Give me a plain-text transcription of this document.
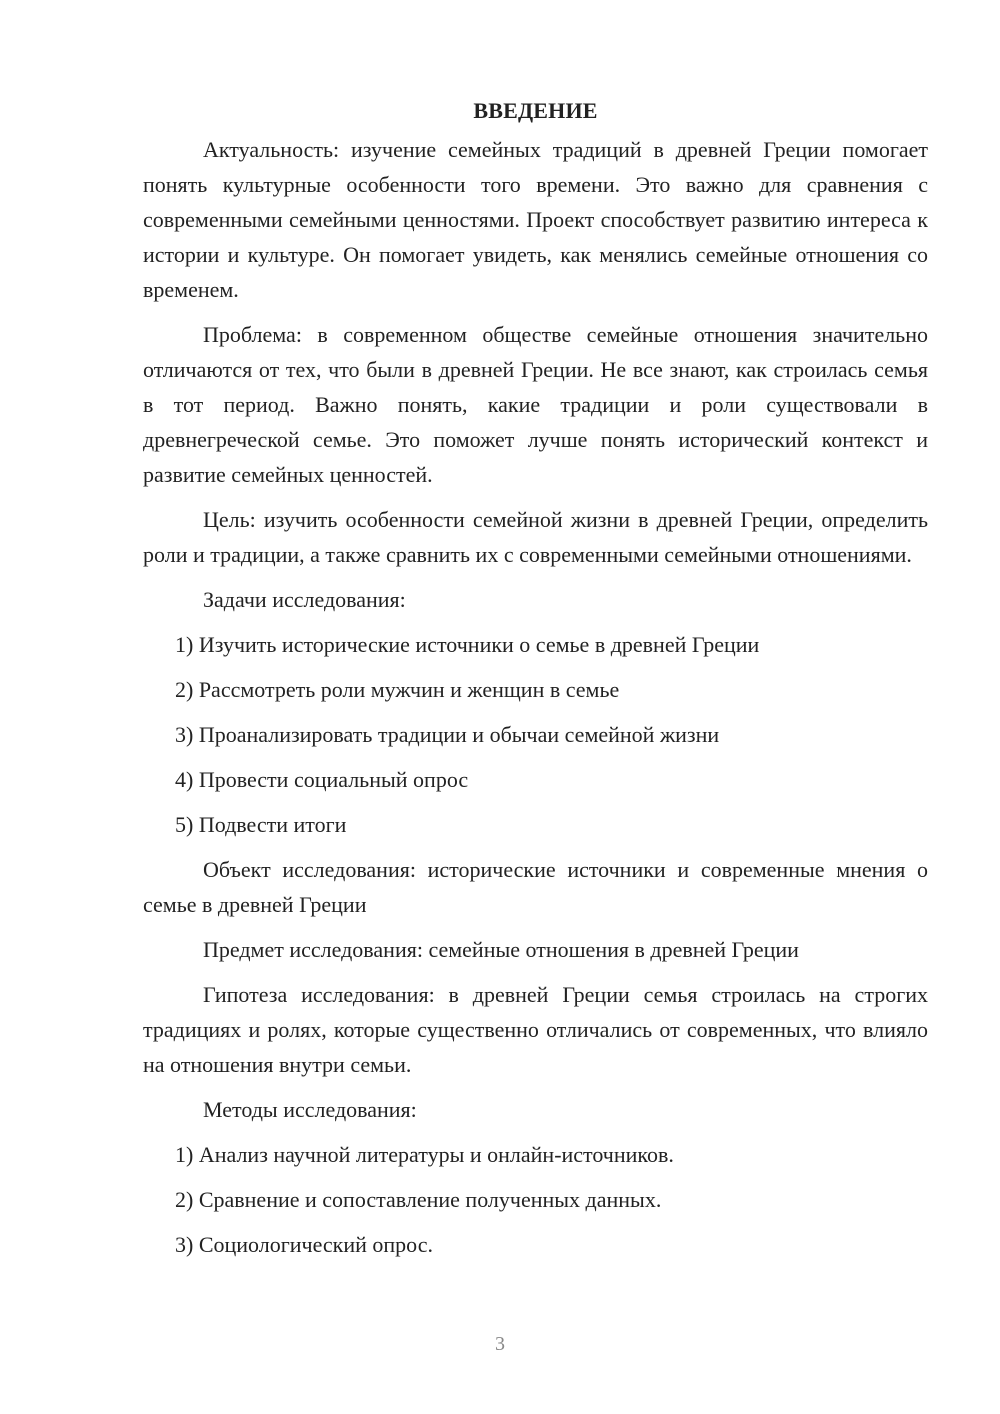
ВВЕДЕНИЕ

Актуальность: изучение семейных традиций в древней Греции помогает понять культурные особенности того времени. Это важно для сравнения с современными семейными ценностями. Проект способствует развитию интереса к истории и культуре. Он помогает увидеть, как менялись семейные отношения со временем.

Проблема: в современном обществе семейные отношения значительно отличаются от тех, что были в древней Греции. Не все знают, как строилась семья в тот период. Важно понять, какие традиции и роли существовали в древнегреческой семье. Это поможет лучше понять исторический контекст и развитие семейных ценностей.

Цель: изучить особенности семейной жизни в древней Греции, определить роли и традиции, а также сравнить их с современными семейными отношениями.

Задачи исследования:

1) Изучить исторические источники о семье в древней Греции
2) Рассмотреть роли мужчин и женщин в семье
3) Проанализировать традиции и обычаи семейной жизни
4) Провести социальный опрос
5) Подвести итоги

Объект исследования: исторические источники и современные мнения о семье в древней Греции

Предмет исследования: семейные отношения в древней Греции

Гипотеза исследования: в древней Греции семья строилась на строгих традициях и ролях, которые существенно отличались от современных, что влияло на отношения внутри семьи.

Методы исследования:

1) Анализ научной литературы и онлайн-источников.
2) Сравнение и сопоставление полученных данных.
3) Социологический опрос.
3
